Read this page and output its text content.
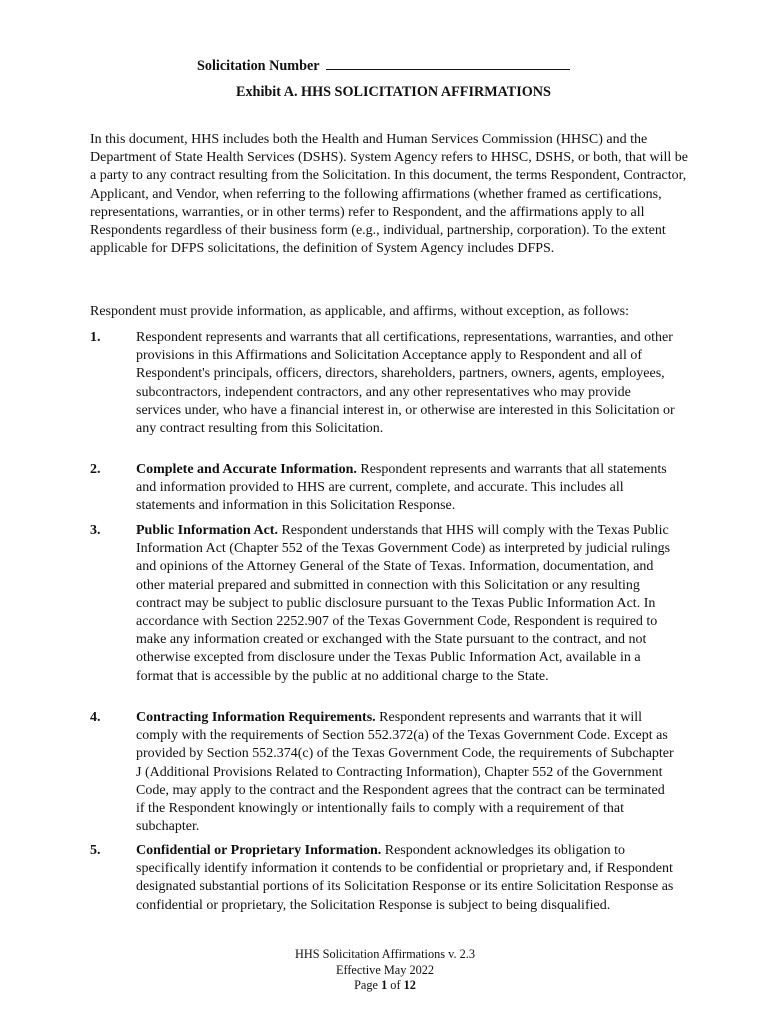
Solicitation Number
Exhibit A. HHS SOLICITATION AFFIRMATIONS
In this document, HHS includes both the Health and Human Services Commission (HHSC) and the Department of State Health Services (DSHS). System Agency refers to HHSC, DSHS, or both, that will be a party to any contract resulting from the Solicitation. In this document, the terms Respondent, Contractor, Applicant, and Vendor, when referring to the following affirmations (whether framed as certifications, representations, warranties, or in other terms) refer to Respondent, and the affirmations apply to all Respondents regardless of their business form (e.g., individual, partnership, corporation). To the extent applicable for DFPS solicitations, the definition of System Agency includes DFPS.
Respondent must provide information, as applicable, and affirms, without exception, as follows:
1.	Respondent represents and warrants that all certifications, representations, warranties, and other provisions in this Affirmations and Solicitation Acceptance apply to Respondent and all of Respondent's principals, officers, directors, shareholders, partners, owners, agents, employees, subcontractors, independent contractors, and any other representatives who may provide services under, who have a financial interest in, or otherwise are interested in this Solicitation or any contract resulting from this Solicitation.
2.	Complete and Accurate Information. Respondent represents and warrants that all statements and information provided to HHS are current, complete, and accurate. This includes all statements and information in this Solicitation Response.
3.	Public Information Act. Respondent understands that HHS will comply with the Texas Public Information Act (Chapter 552 of the Texas Government Code) as interpreted by judicial rulings and opinions of the Attorney General of the State of Texas. Information, documentation, and other material prepared and submitted in connection with this Solicitation or any resulting contract may be subject to public disclosure pursuant to the Texas Public Information Act. In accordance with Section 2252.907 of the Texas Government Code, Respondent is required to make any information created or exchanged with the State pursuant to the contract, and not otherwise excepted from disclosure under the Texas Public Information Act, available in a format that is accessible by the public at no additional charge to the State.
4.	Contracting Information Requirements. Respondent represents and warrants that it will comply with the requirements of Section 552.372(a) of the Texas Government Code. Except as provided by Section 552.374(c) of the Texas Government Code, the requirements of Subchapter J (Additional Provisions Related to Contracting Information), Chapter 552 of the Government Code, may apply to the contract and the Respondent agrees that the contract can be terminated if the Respondent knowingly or intentionally fails to comply with a requirement of that subchapter.
5.	Confidential or Proprietary Information. Respondent acknowledges its obligation to specifically identify information it contends to be confidential or proprietary and, if Respondent designated substantial portions of its Solicitation Response or its entire Solicitation Response as confidential or proprietary, the Solicitation Response is subject to being disqualified.
HHS Solicitation Affirmations v. 2.3
Effective May 2022
Page 1 of 12
